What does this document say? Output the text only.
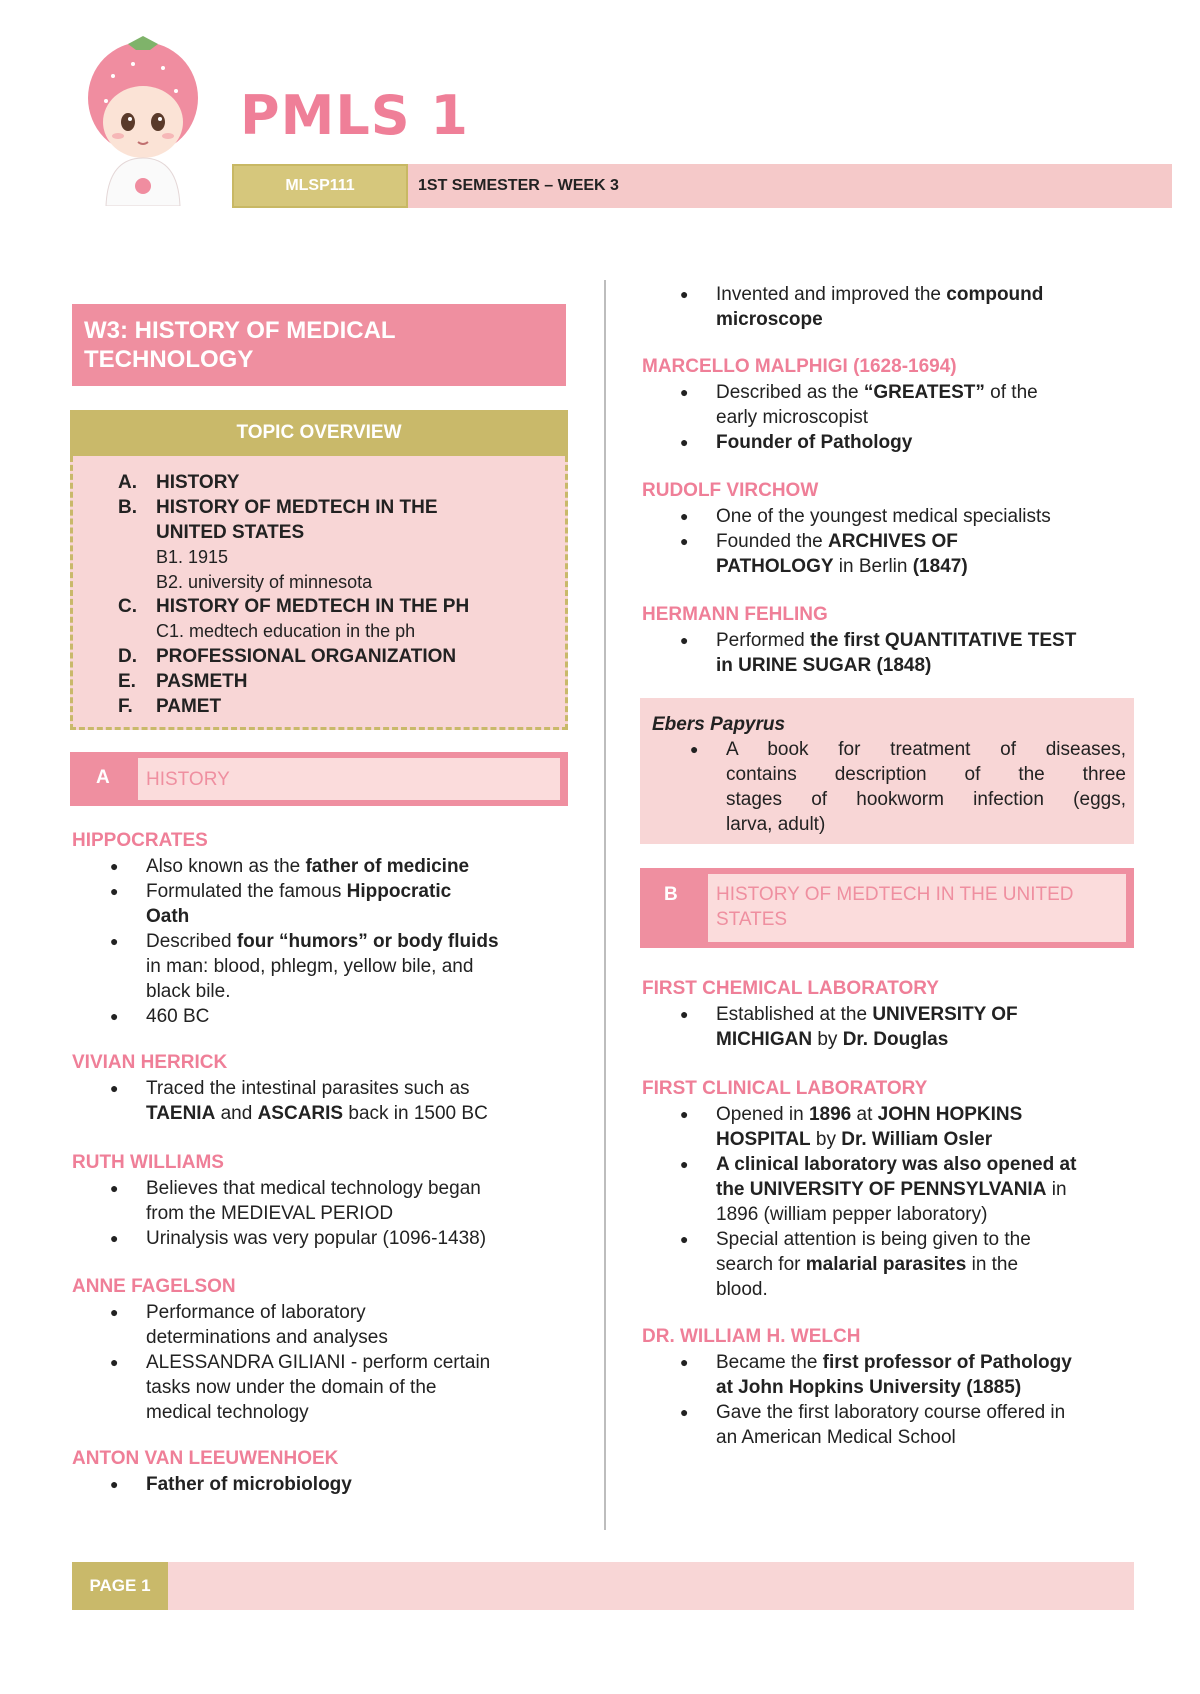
PMLS 1
MLSP111	1ST SEMESTER – WEEK 3
W3: HISTORY OF MEDICAL
TECHNOLOGY
TOPIC OVERVIEW
A. HISTORY
B. HISTORY OF MEDTECH IN THE
UNITED STATES
B1. 1915
B2. university of minnesota
C. HISTORY OF MEDTECH IN THE PH
C1. medtech education in the ph
D. PROFESSIONAL ORGANIZATION
E. PASMETH
F. PAMET
A	HISTORY
HIPPOCRATES
● Also known as the father of medicine
● Formulated the famous Hippocratic
Oath
● Described four “humors” or body fluids
in man: blood, phlegm, yellow bile, and
black bile.
● 460 BC
VIVIAN HERRICK
● Traced the intestinal parasites such as
TAENIA and ASCARIS back in 1500 BC
RUTH WILLIAMS
● Believes that medical technology began
from the MEDIEVAL PERIOD
● Urinalysis was very popular (1096-1438)
ANNE FAGELSON
● Performance of laboratory
determinations and analyses
● ALESSANDRA GILIANI - perform certain
tasks now under the domain of the
medical technology
ANTON VAN LEEUWENHOEK
● Father of microbiology
● Invented and improved the compound
microscope
MARCELLO MALPHIGI (1628-1694)
● Described as the “GREATEST” of the
early microscopist
● Founder of Pathology
RUDOLF VIRCHOW
● One of the youngest medical specialists
● Founded the ARCHIVES OF
PATHOLOGY in Berlin (1847)
HERMANN FEHLING
● Performed the first QUANTITATIVE TEST
in URINE SUGAR (1848)
Ebers Papyrus
● A book for treatment of diseases,
contains description of the three
stages of hookworm infection (eggs,
larva, adult)
B HISTORY OF MEDTECH IN THE UNITED
STATES
FIRST CHEMICAL LABORATORY
● Established at the UNIVERSITY OF
MICHIGAN by Dr. Douglas
FIRST CLINICAL LABORATORY
● Opened in 1896 at JOHN HOPKINS
HOSPITAL by Dr. William Osler
● A clinical laboratory was also opened at
the UNIVERSITY OF PENNSYLVANIA in
1896 (william pepper laboratory)
● Special attention is being given to the
search for malarial parasites in the
blood.
DR. WILLIAM H. WELCH
● Became the first professor of Pathology
at John Hopkins University (1885)
● Gave the first laboratory course offered in
an American Medical School
PAGE 1
